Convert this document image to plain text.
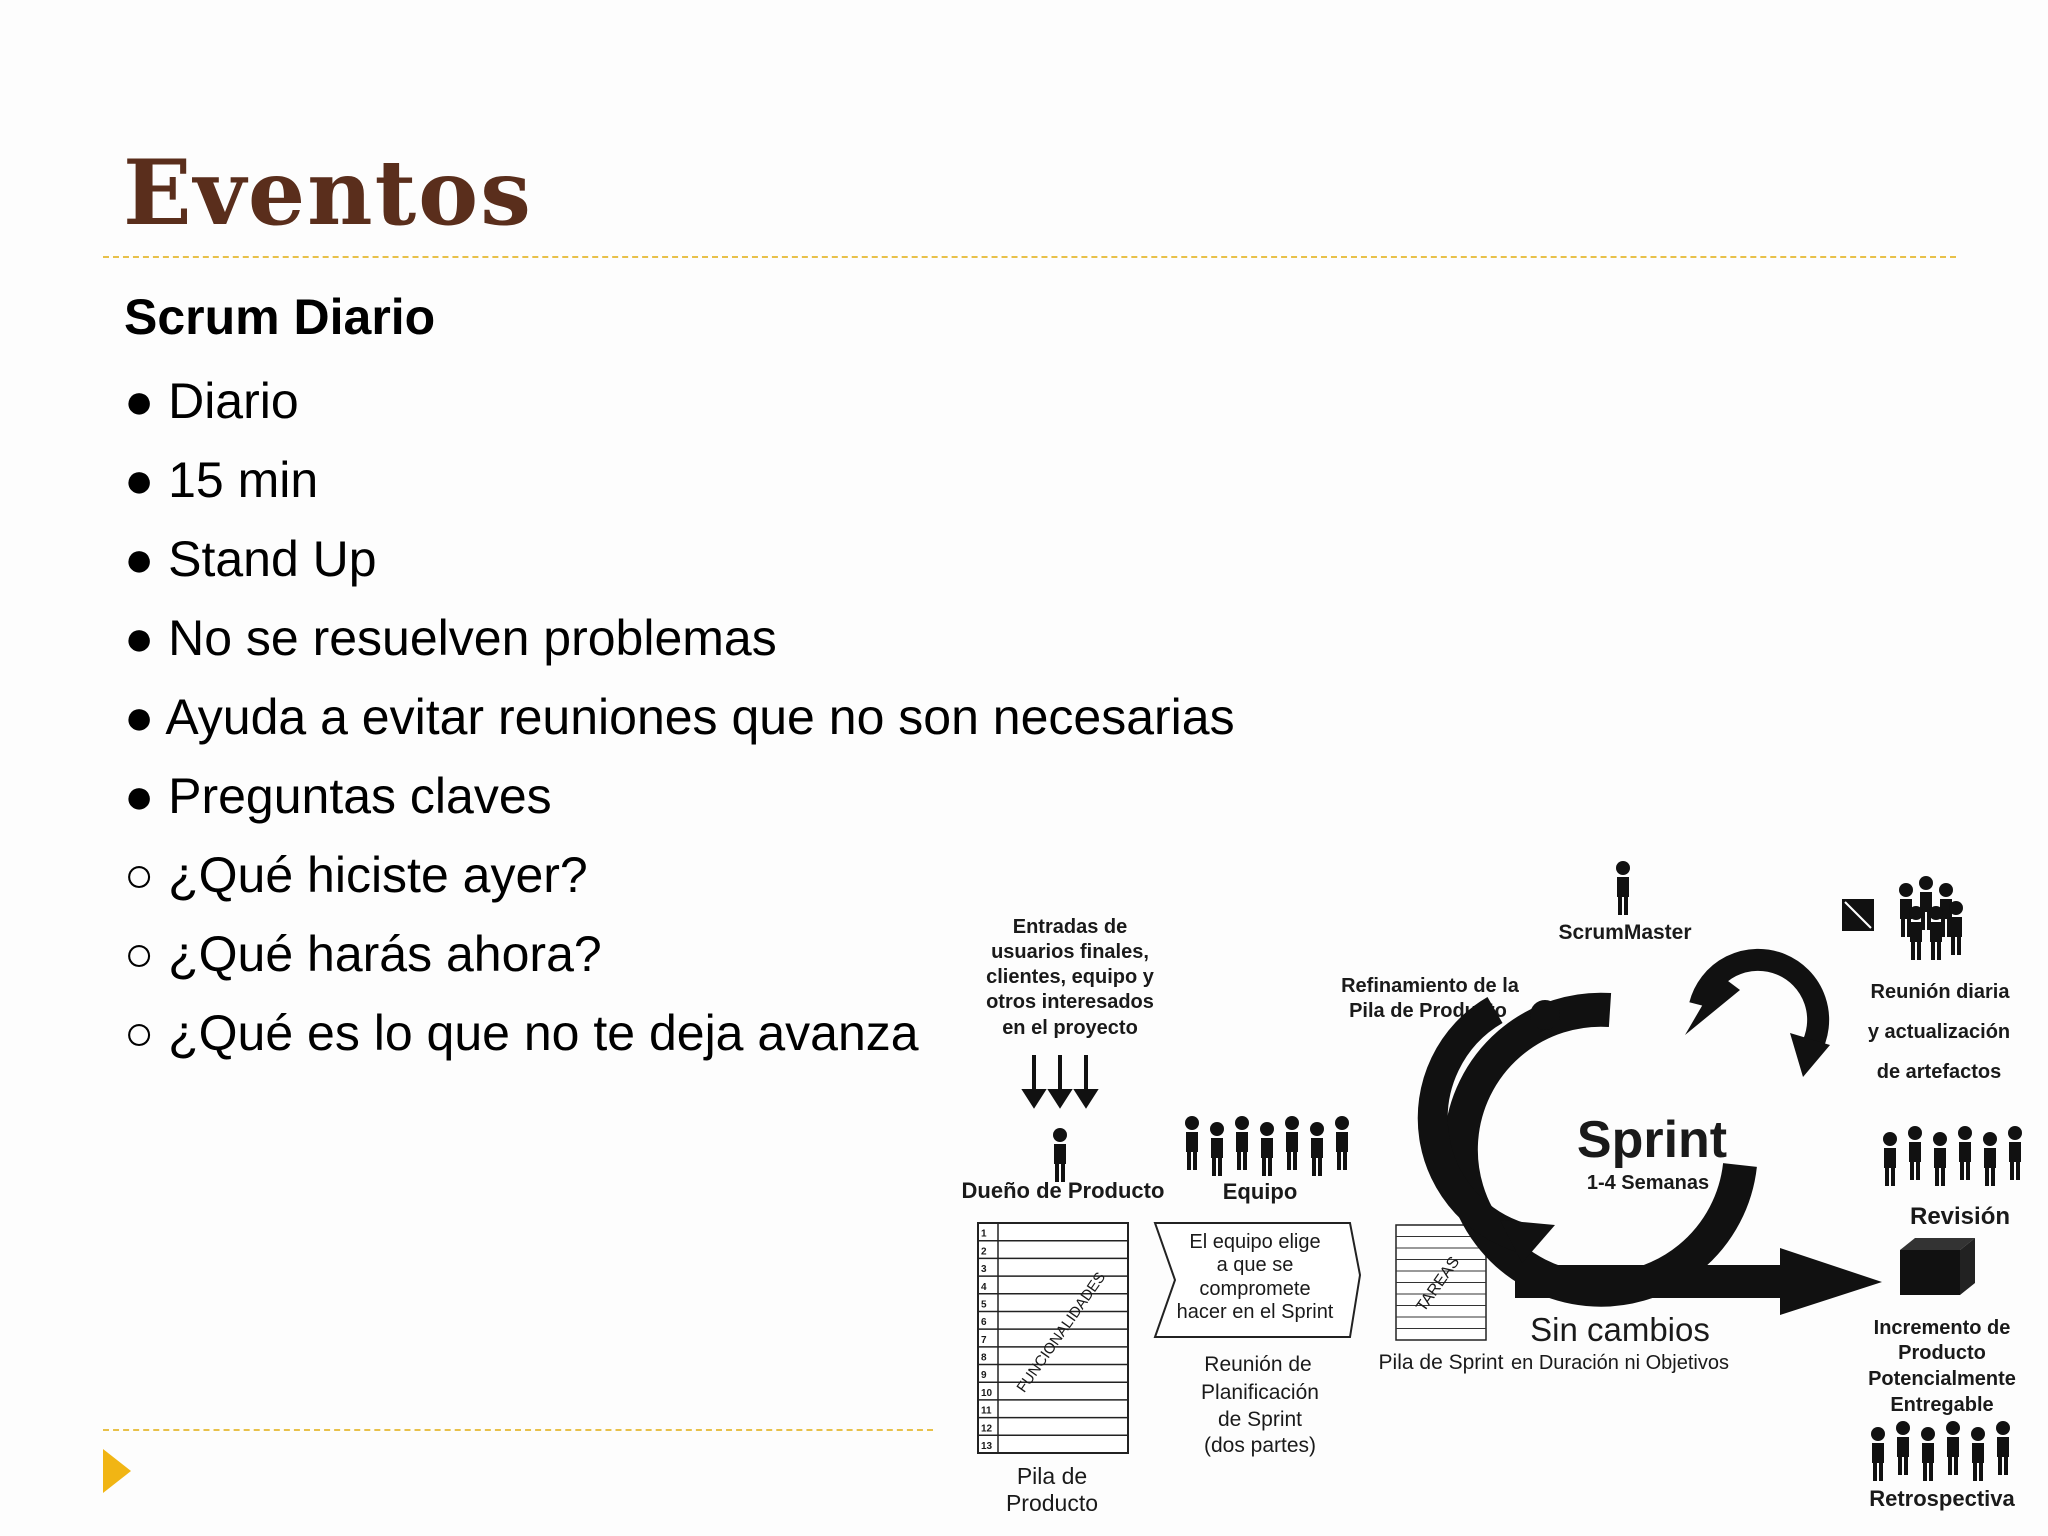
Eventos
Scrum Diario
● Diario
● 15 min
● Stand Up
● No se resuelven problemas
● Ayuda a evitar reuniones que no son necesarias
● Preguntas claves
○ ¿Qué hiciste ayer?
○ ¿Qué harás ahora?
○ ¿Qué es lo que no te deja avanza
Entradas de
usuarios finales,
clientes, equipo y
otros interesados
en el proyecto
Dueño de Producto	Equipo
1
2
3
4
5
6
7
8
9
10
11
12
13
FUNCIONALIDADES
Pila de
Producto
El equipo elige
a que se
compromete
hacer en el Sprint
Reunión de
Planificación
de Sprint
(dos partes)
Refinamiento de la
Pila de Producto
TAREAS
Pila de Sprint
ScrumMaster
Sprint
1-4 Semanas
Reunión diaria
y actualización
de artefactos
Revisión
Sin cambios
en Duración ni Objetivos
Incremento de
Producto
Potencialmente
Entregable
Retrospectiva
